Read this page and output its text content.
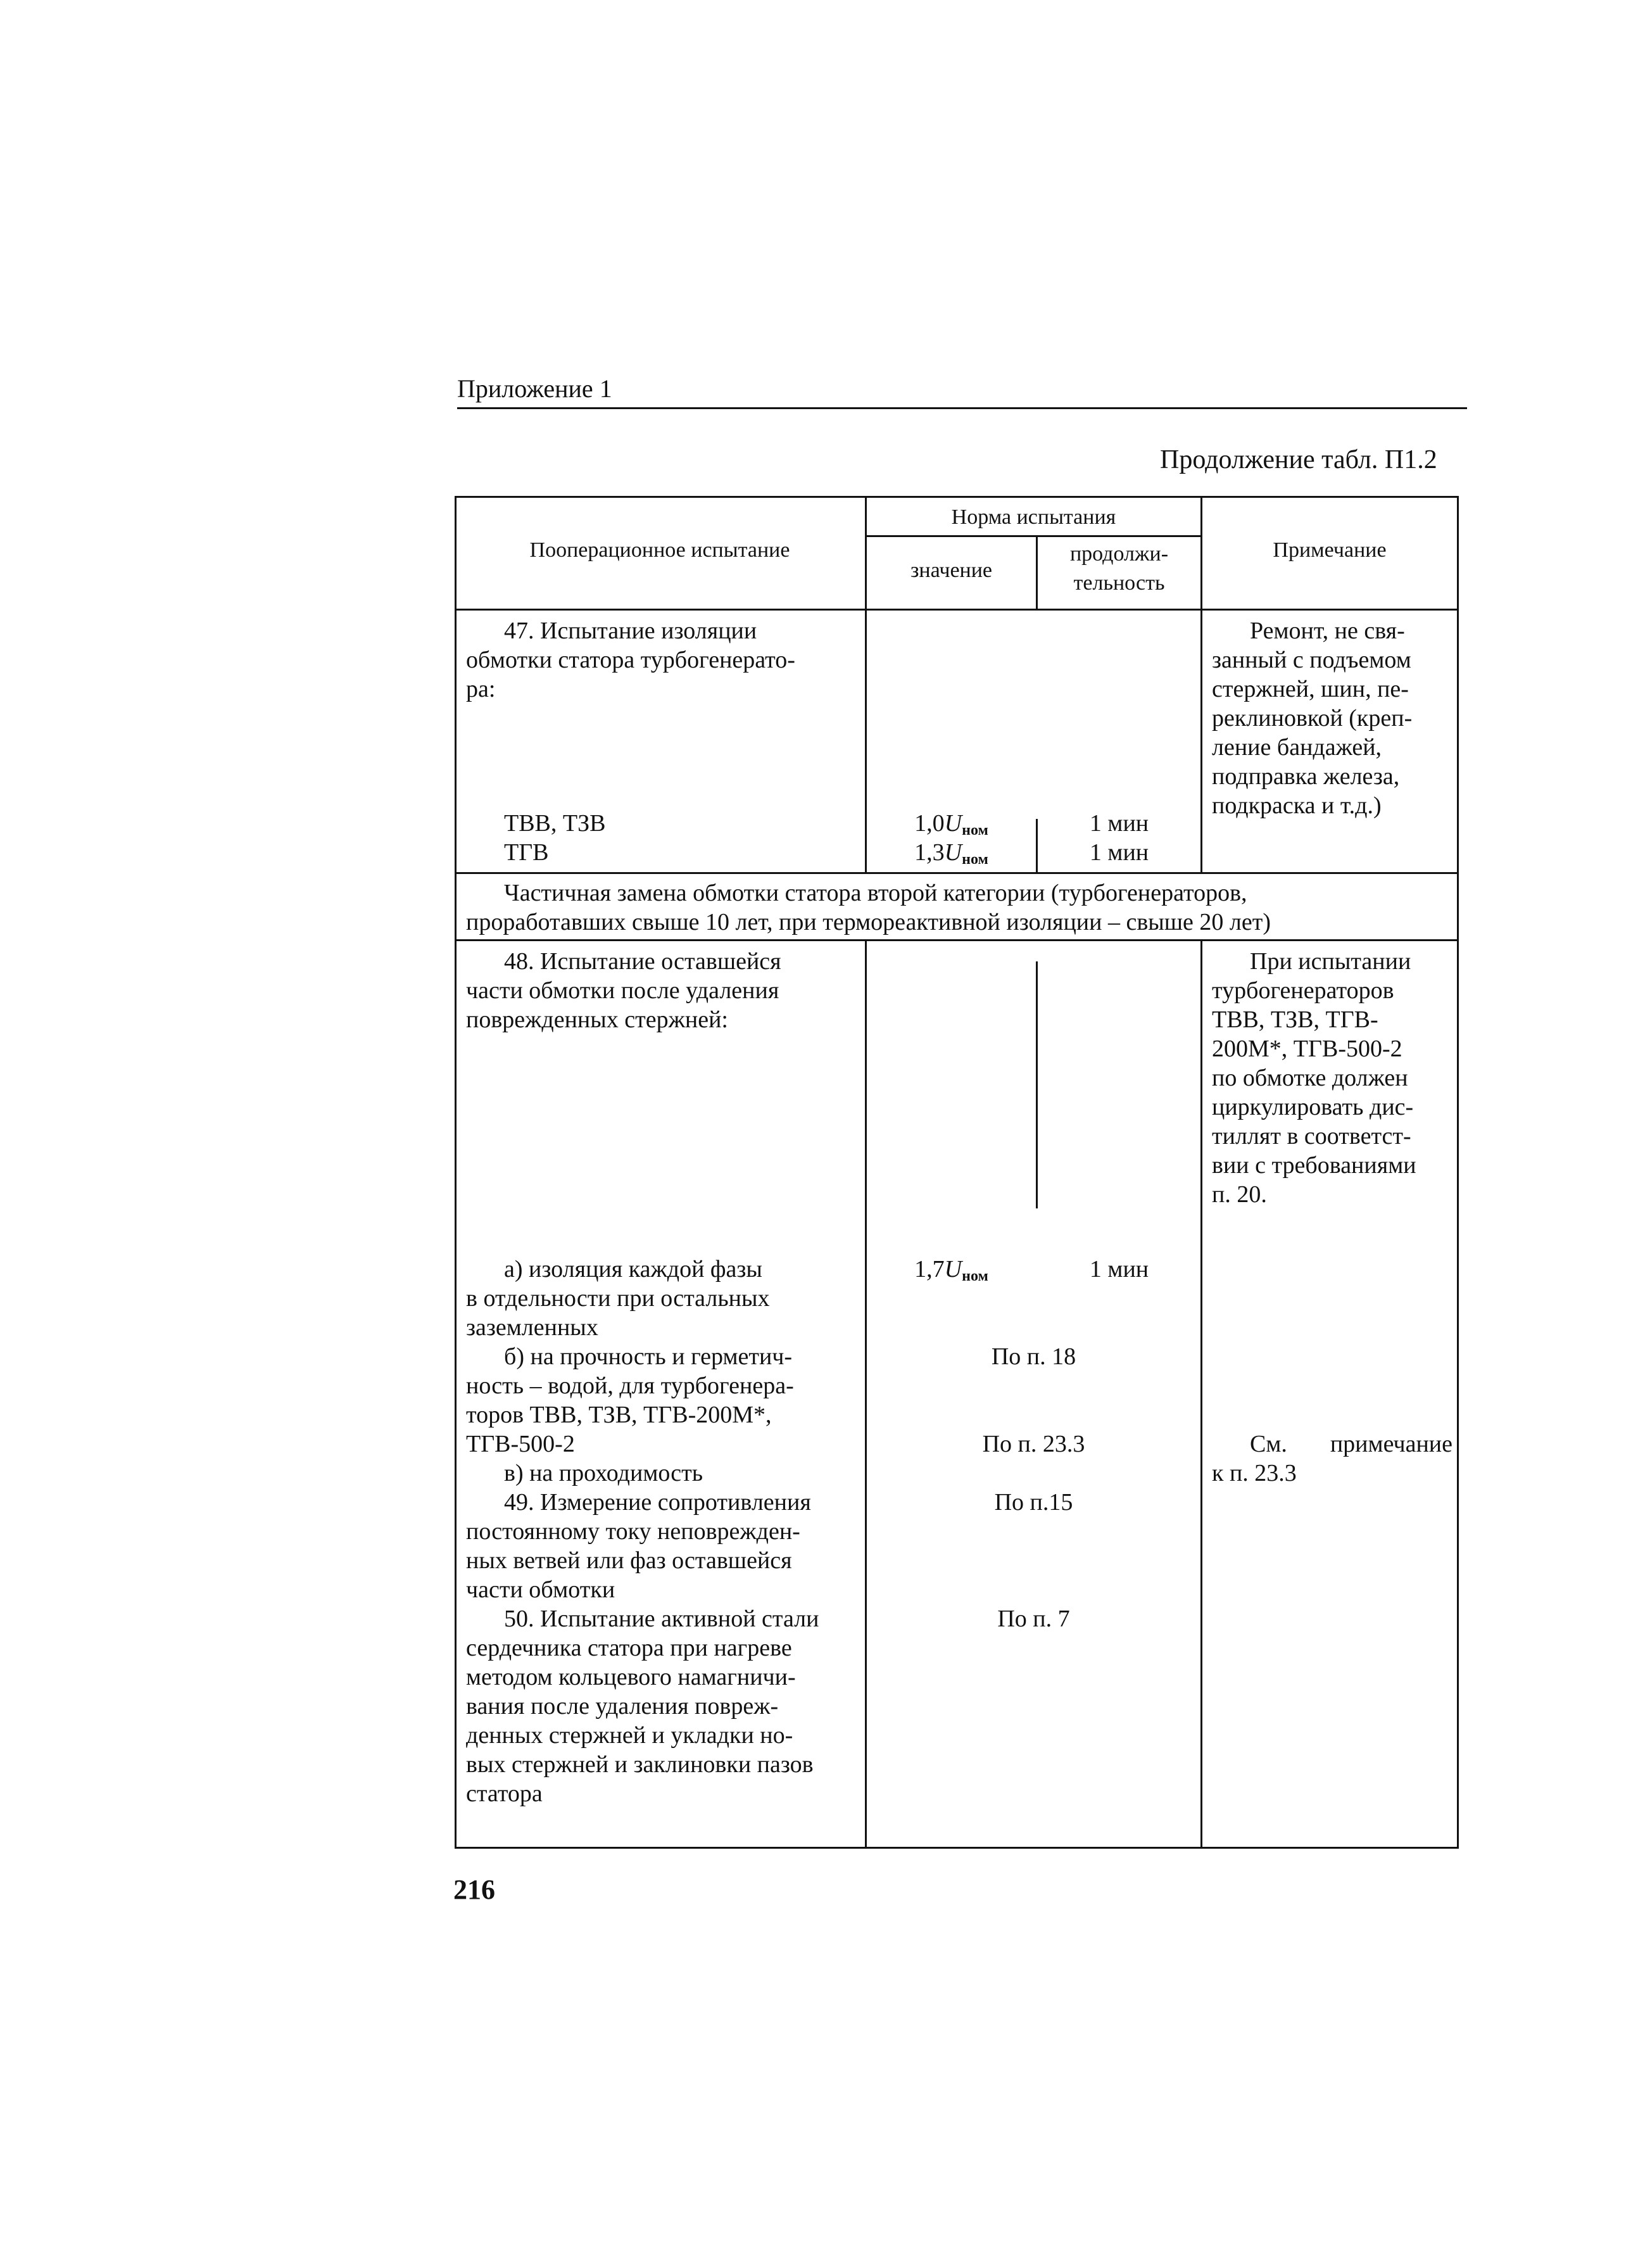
Приложение 1
Продолжение табл. П1.2
Пооперационное испытание
Норма испытания
значение
продолжи-
тельность
Примечание
47. Испытание изоляции
обмотки статора турбогенерато-
ра:
ТВВ, ТЗВ
ТГВ
$1,0U_{ном}$
$1,3U_{ном}$
1 мин
1 мин
Ремонт, не свя-
занный с подъемом
стержней, шин, пе-
реклиновкой (креп-
ление бандажей,
подправка железа,
подкраска и т.д.)
Частичная замена обмотки статора второй категории (турбогенераторов,
проработавших свыше 10 лет, при термореактивной изоляции – свыше 20 лет)
48. Испытание оставшейся
части обмотки после удаления
поврежденных стержней:
При испытании
турбогенераторов
ТВВ, ТЗВ, ТГВ-
200М*, ТГВ-500-2
по обмотке должен
циркулировать дис-
тиллят в соответст-
вии с требованиями
п. 20.
а) изоляция каждой фазы
в отдельности при остальных
заземленных
$1,7U_{ном}$	1 мин
б) на прочность и герметич-
ность – водой, для турбогенера-
торов ТВВ, ТЗВ, ТГВ-200М*,
ТГВ-500-2
По п. 18
в) на проходимость
По п. 23.3	См. примечание
к п. 23.3
49. Измерение сопротивления
постоянному току неповрежден-
ных ветвей или фаз оставшейся
части обмотки
По п.15
50. Испытание активной стали
сердечника статора при нагреве
методом кольцевого намагничи-
вания после удаления повреж-
денных стержней и укладки но-
вых стержней и заклиновки пазов
статора
По п. 7
216
